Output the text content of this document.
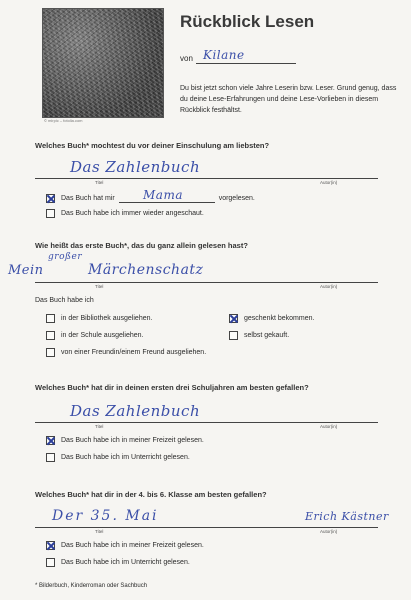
© mirpic – fotolia.com
Rückblick Lesen
von Kilane
Du bist jetzt schon viele Jahre Leserin bzw. Leser. Grund genug, dass du deine Lese-Erfahrungen und deine Lese-Vorlieben in diesem Rückblick festhältst.
Welches Buch* mochtest du vor deiner Einschulung am liebsten?
Das Zahlenbuch
Titel	Autor(in)
Das Buch hat mir	vorgelesen.
Mama
Das Buch habe ich immer wieder angeschaut.
Wie heißt das erste Buch*, das du ganz allein gelesen hast?
Mein
großer
Märchenschatz
Titel	Autor(in)
Das Buch habe ich
in der Bibliothek ausgeliehen.	geschenkt bekommen.
in der Schule ausgeliehen.	selbst gekauft.
von einer Freundin/einem Freund ausgeliehen.
Welches Buch* hat dir in deinen ersten drei Schuljahren am besten gefallen?
Das Zahlenbuch
Titel	Autor(in)
Das Buch habe ich in meiner Freizeit gelesen.
Das Buch habe ich im Unterricht gelesen.
Welches Buch* hat dir in der 4. bis 6. Klasse am besten gefallen?
Der 35. Mai	Erich Kästner
Titel	Autor(in)
Das Buch habe ich in meiner Freizeit gelesen.
Das Buch habe ich im Unterricht gelesen.
* Bilderbuch, Kinderroman oder Sachbuch
